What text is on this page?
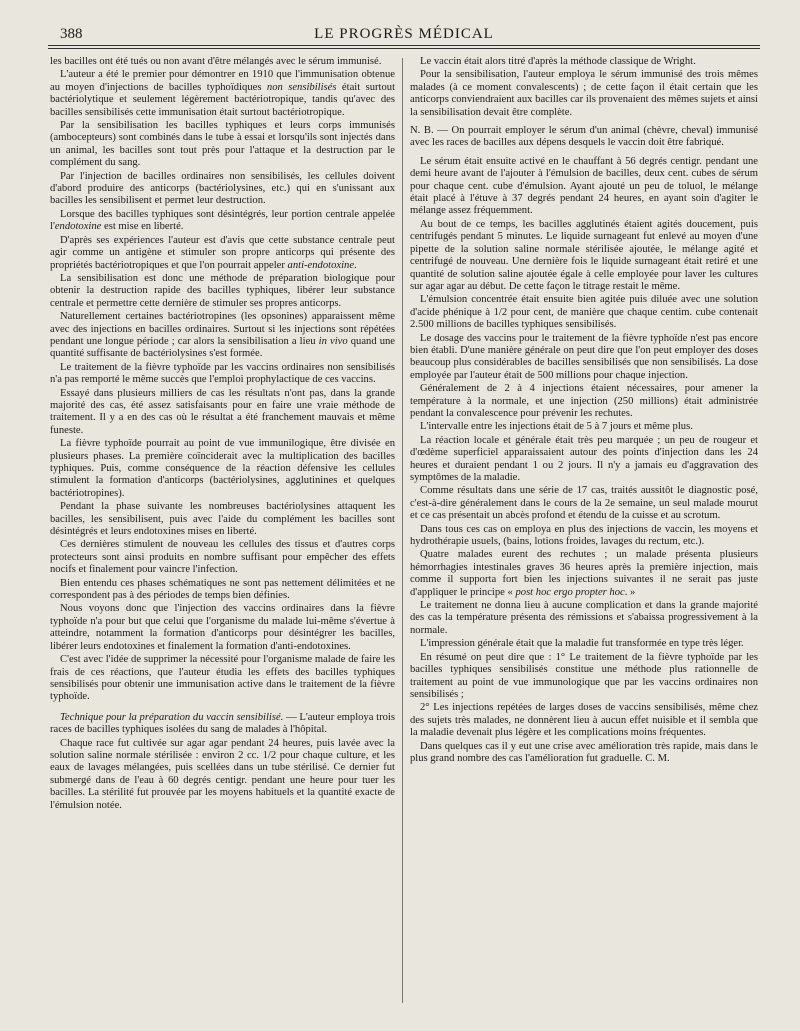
388	LE PROGRÈS MÉDICAL

les bacilles ont été tués ou non avant d'être mélangés avec le sérum immunisé.

L'auteur a été le premier pour démontrer en 1910 que l'immunisation obtenue au moyen d'injections de bacilles typhoïdiques non sensibilisés était surtout bactériolytique et seulement légèrement bactériotropique, tandis qu'avec des bacilles sensibilisés cette immunisation était surtout bactériotropique.

Par la sensibilisation les bacilles typhiques et leurs corps immunisés (ambocepteurs) sont combinés dans le tube à essai et lorsqu'ils sont injectés dans un animal, les bacilles sont tout près pour l'attaque et la destruction par le complément du sang.

Par l'injection de bacilles ordinaires non sensibilisés, les cellules doivent d'abord produire des anticorps (bactériolysines, etc.) qui en s'unissant aux bacilles les sensibilisent et permet leur destruction.

Lorsque des bacilles typhiques sont désintégrés, leur portion centrale appelée l'endotoxine est mise en liberté.

D'après ses expériences l'auteur est d'avis que cette substance centrale peut agir comme un antigène et stimuler son propre anticorps qui présente des propriétés bactériotropiques et que l'on pourrait appeler anti-endotoxine.

La sensibilisation est donc une méthode de préparation biologique pour obtenir la destruction rapide des bacilles typhiques, libérer leur substance centrale et permettre cette dernière de stimuler ses propres anticorps.

Naturellement certaines bactériotropines (les opsonines) apparaissent même avec des injections en bacilles ordinaires. Surtout si les injections sont répétées pendant une longue période ; car alors la sensibilisation a lieu in vivo quand une quantité suffisante de bactériolysines s'est formée.

Le traitement de la fièvre typhoïde par les vaccins ordinaires non sensibilisés n'a pas remporté le même succès que l'emploi prophylactique de ces vaccins.

Essayé dans plusieurs milliers de cas les résultats n'ont pas, dans la grande majorité des cas, été assez satisfaisants pour en faire une vraie méthode de traitement. Il y a en des cas où le résultat a été franchement mauvais et même funeste.

La fièvre typhoïde pourrait au point de vue immunilogique, être divisée en plusieurs phases. La première coïnciderait avec la multiplication des bacilles typhiques. Puis, comme conséquence de la réaction défensive les cellules stimulent la formation d'anticorps (bactériolysines, agglutinines et quelques bactériotropines).

Pendant la phase suivante les nombreuses bactériolysines attaquent les bacilles, les sensibilisent, puis avec l'aide du complément les bacilles sont désintégrés et leurs endotoxines mises en liberté.

Ces dernières stimulent de nouveau les cellules des tissus et d'autres corps protecteurs sont ainsi produits en nombre suffisant pour empêcher des effets nocifs et finalement pour vaincre l'infection.

Bien entendu ces phases schématiques ne sont pas nettement délimitées et ne correspondent pas à des périodes de temps bien définies.

Nous voyons donc que l'injection des vaccins ordinaires dans la fièvre typhoïde n'a pour but que celui que l'organisme du malade lui-même s'évertue à atteindre, notamment la formation d'anticorps pour désintégrer les bacilles, libérer leurs endotoxines et finalement la formation d'anti-endotoxines.

C'est avec l'idée de supprimer la nécessité pour l'organisme malade de faire les frais de ces réactions, que l'auteur étudia les effets des bacilles typhiques sensibilisés pour obtenir une immunisation active dans le traitement de la fièvre typhoïde.

Technique pour la préparation du vaccin sensibilisé. — L'auteur employa trois races de bacilles typhiques isolées du sang de malades à l'hôpital.

Chaque race fut cultivée sur agar agar pendant 24 heures, puis lavée avec la solution saline normale stérilisée : environ 2 cc. 1/2 pour chaque culture, et les eaux de lavages mélangées, puis scellées dans un tube stérilisé. Ce dernier fut submergé dans de l'eau à 60 degrés centigr. pendant une heure pour tuer les bacilles. La stérilité fut prouvée par les moyens habituels et la quantité exacte de l'émulsion notée.

Le vaccin était alors titré d'après la méthode classique de Wright.

Pour la sensibilisation, l'auteur employa le sérum immunisé des trois mêmes malades (à ce moment convalescents) ; de cette façon il était certain que les anticorps conviendraient aux bacilles car ils provenaient des mêmes sujets et ainsi la sensibilisation devait être complète.

N. B. — On pourrait employer le sérum d'un animal (chèvre, cheval) immunisé avec les races de bacilles aux dépens desquels le vaccin doit être fabriqué.

Le sérum était ensuite activé en le chauffant à 56 degrés centigr. pendant une demi heure avant de l'ajouter à l'émulsion de bacilles, deux cent. cubes de sérum pour chaque cent. cube d'émulsion. Ayant ajouté un peu de toluol, le mélange était placé à l'étuve à 37 degrés pendant 24 heures, en ayant soin d'agiter le mélange assez fréquemment.

Au bout de ce temps, les bacilles agglutinés étaient agités doucement, puis centrifugés pendant 5 minutes. Le liquide surnageant fut enlevé au moyen d'une pipette de la solution saline normale stérilisée ajoutée, le mélange agité et centrifugé de nouveau. Une dernière fois le liquide surnageant était retiré et une quantité de solution saline ajoutée égale à celle employée pour laver les cultures sur agar agar au début. De cette façon le titrage restait le même.

L'émulsion concentrée était ensuite bien agitée puis diluée avec une solution d'acide phénique à 1/2 pour cent, de manière que chaque centim. cube contenait 2.500 millions de bacilles typhiques sensibilisés.

Le dosage des vaccins pour le traitement de la fièvre typhoïde n'est pas encore bien établi. D'une manière générale on peut dire que l'on peut employer des doses beaucoup plus considérables de bacilles sensibilisés que non sensibilisés. La dose employée par l'auteur était de 500 millions pour chaque injection.

Généralement de 2 à 4 injections étaient nécessaires, pour amener la température à la normale, et une injection (250 millions) était administrée pendant la convalescence pour prévenir les rechutes.

L'intervalle entre les injections était de 5 à 7 jours et même plus.

La réaction locale et générale était très peu marquée ; un peu de rougeur et d'œdème superficiel apparaissaient autour des points d'injection dans les 24 heures et duraient pendant 1 ou 2 jours. Il n'y a jamais eu d'aggravation des symptômes de la maladie.

Comme résultats dans une série de 17 cas, traités aussitôt le diagnostic posé, c'est-à-dire généralement dans le cours de la 2e semaine, un seul malade mourut et ce cas présentait un abcès profond et étendu de la cuisse et au scrotum.

Dans tous ces cas on employa en plus des injections de vaccin, les moyens et hydrothérapie usuels, (bains, lotions froides, lavages du rectum, etc.).

Quatre malades eurent des rechutes ; un malade présenta plusieurs hémorrhagies intestinales graves 36 heures après la première injection, mais comme il supporta fort bien les injections suivantes il ne serait pas juste d'appliquer le principe « post hoc ergo propter hoc. »

Le traitement ne donna lieu à aucune complication et dans la grande majorité des cas la température présenta des rémissions et s'abaissa progressivement à la normale.

L'impression générale était que la maladie fut transformée en type très léger.

En résumé on peut dire que : 1° Le traitement de la fièvre typhoïde par les bacilles typhiques sensibilisés constitue une méthode plus rationnelle de traitement au point de vue immunologique que par les vaccins ordinaires non sensibilisés ;

2° Les injections repétées de larges doses de vaccins sensibilisés, même chez des sujets très malades, ne donnèrent lieu à aucun effet nuisible et il sembla que la maladie devenait plus légère et les complications moins fréquentes.

Dans quelques cas il y eut une crise avec amélioration très rapide, mais dans le plus grand nombre des cas l'amélioration fut graduelle. C. M.
